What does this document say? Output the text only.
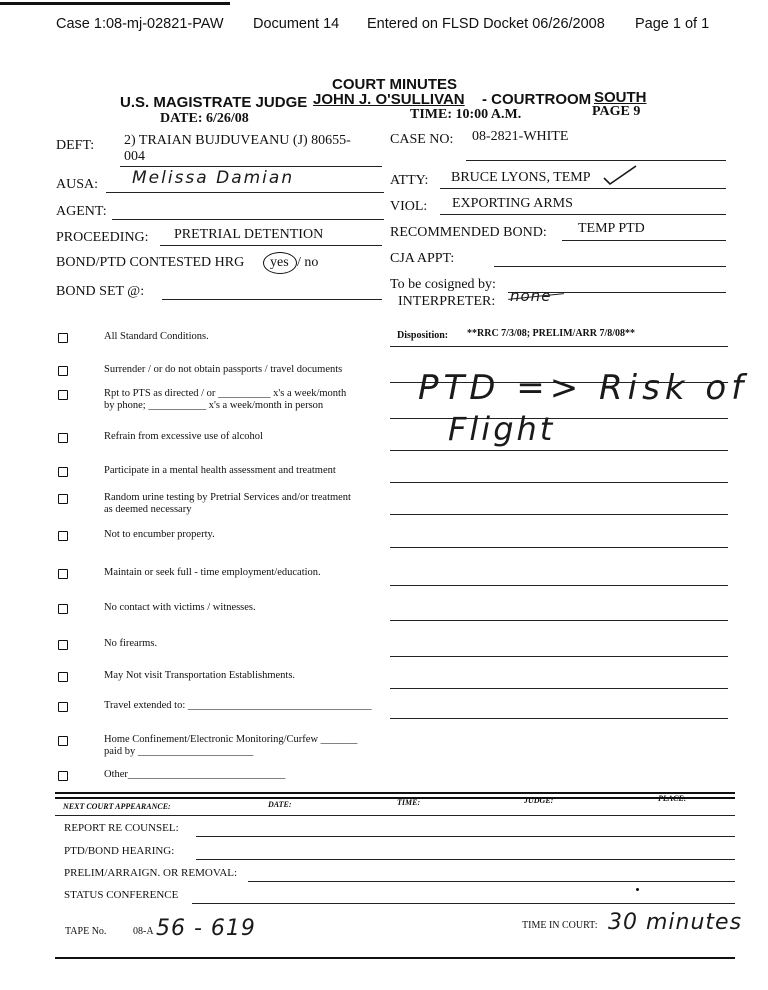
Case 1:08-mj-02821-PAW Document 14 Entered on FLSD Docket 06/26/2008 Page 1 of 1
COURT MINUTES
U.S. MAGISTRATE JUDGE JOHN J. O'SULLIVAN - COURTROOM SOUTH
DATE: 6/26/08	TIME: 10:00 A.M.	PAGE 9
DEFT: 2) TRAIAN BUJDUVEANU (J) 80655-
004
AUSA: Melissa Damian
AGENT:
PROCEEDING: PRETRIAL DETENTION
BOND/PTD CONTESTED HRG yes / no
BOND SET @:
CASE NO: 08-2821-WHITE
ATTY: BRUCE LYONS, TEMP
VIOL: EXPORTING ARMS
RECOMMENDED BOND: TEMP PTD
CJA APPT:
To be cosigned by:
INTERPRETER: none
All Standard Conditions.
Surrender / or do not obtain passports / travel documents
Rpt to PTS as directed / or __________ x's a week/month
by phone; ___________ x's a week/month in person
Refrain from excessive use of alcohol
Participate in a mental health assessment and treatment
Random urine testing by Pretrial Services and/or treatment
as deemed necessary
Not to encumber property.
Maintain or seek full - time employment/education.
No contact with victims / witnesses.
No firearms.
May Not visit Transportation Establishments.
Travel extended to: ___________________________________
Home Confinement/Electronic Monitoring/Curfew _______
paid by ______________________
Other______________________________
Disposition: **RRC 7/3/08; PRELIM/ARR 7/8/08**
PTD => Risk of
Flight
NEXT COURT APPEARANCE:	DATE:	TIME:	JUDGE:	PLACE:
REPORT RE COUNSEL:
PTD/BOND HEARING:
PRELIM/ARRAIGN. OR REMOVAL:
STATUS CONFERENCE
TAPE No.	08-A 56 - 619	TIME IN COURT: 30 minutes
